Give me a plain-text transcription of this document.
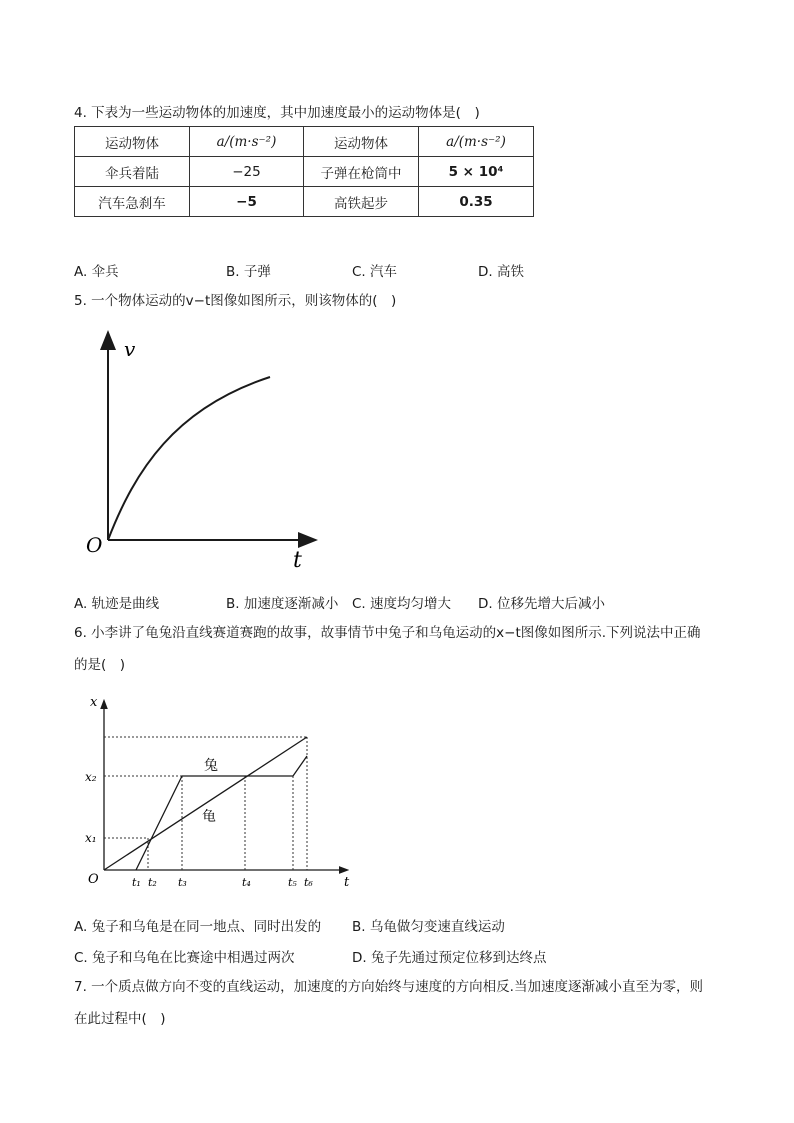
4. 下表为一些运动物体的加速度，其中加速度最小的运动物体是(　)
运动物体	a/(m·s⁻²)	运动物体	a/(m·s⁻²)
伞兵着陆	−25	子弹在枪筒中	5 × 10⁴
汽车急刹车	−5	高铁起步	0.35
A. 伞兵	B. 子弹	C. 汽车	D. 高铁
5. 一个物体运动的v−t图像如图所示，则该物体的(　)
v
t
O
A. 轨迹是曲线	B. 加速度逐渐减小 C. 速度均匀增大 D. 位移先增大后减小
6. 小李讲了龟兔沿直线赛道赛跑的故事，故事情节中兔子和乌龟运动的x−t图像如图所示.下列说法中正确
的是(　)
x
t
O
x₂
x₁
t₁ t₂ t₃	t₄	t₅ t₆
兔
龟
A. 兔子和乌龟是在同一地点、同时出发的 B. 乌龟做匀变速直线运动
C. 兔子和乌龟在比赛途中相遇过两次	D. 兔子先通过预定位移到达终点
7. 一个质点做方向不变的直线运动，加速度的方向始终与速度的方向相反.当加速度逐渐减小直至为零，则
在此过程中(　)
